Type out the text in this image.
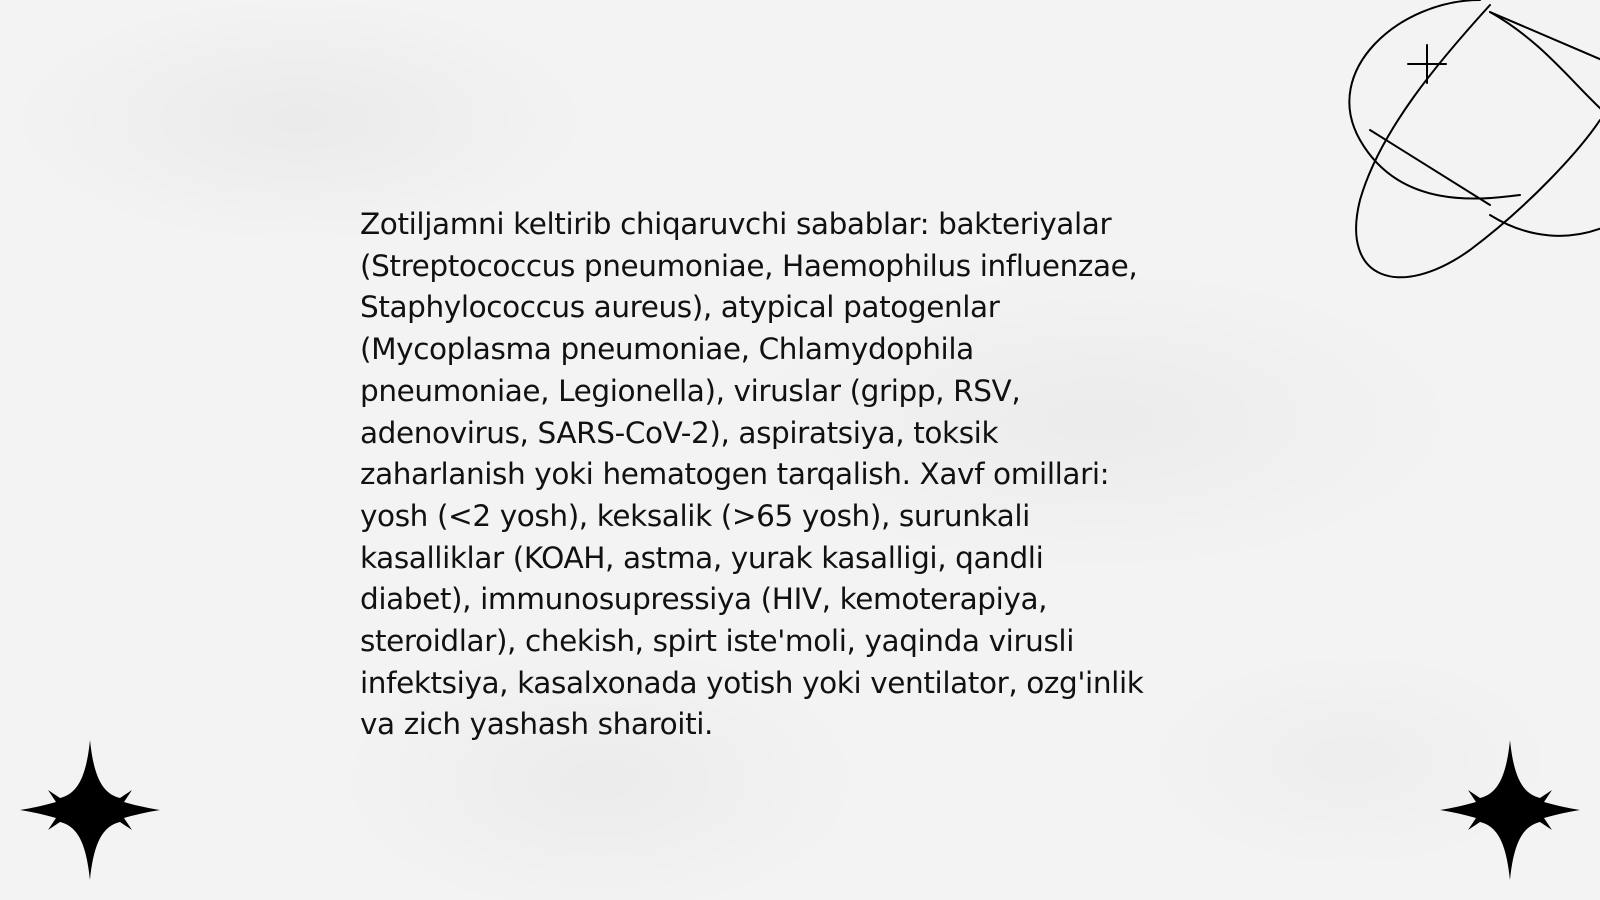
Zotiljamni keltirib chiqaruvchi sabablar: bakteriyalar
(Streptococcus pneumoniae, Haemophilus influenzae,
Staphylococcus aureus), atypical patogenlar
(Mycoplasma pneumoniae, Chlamydophila
pneumoniae, Legionella), viruslar (gripp, RSV,
adenovirus, SARS-CoV-2), aspiratsiya, toksik
zaharlanish yoki hematogen tarqalish. Xavf omillari:
yosh (<2 yosh), keksalik (>65 yosh), surunkali
kasalliklar (KOAH, astma, yurak kasalligi, qandli
diabet), immunosupressiya (HIV, kemoterapiya,
steroidlar), chekish, spirt iste'moli, yaqinda virusli
infektsiya, kasalxonada yotish yoki ventilator, ozg'inlik
va zich yashash sharoiti.
